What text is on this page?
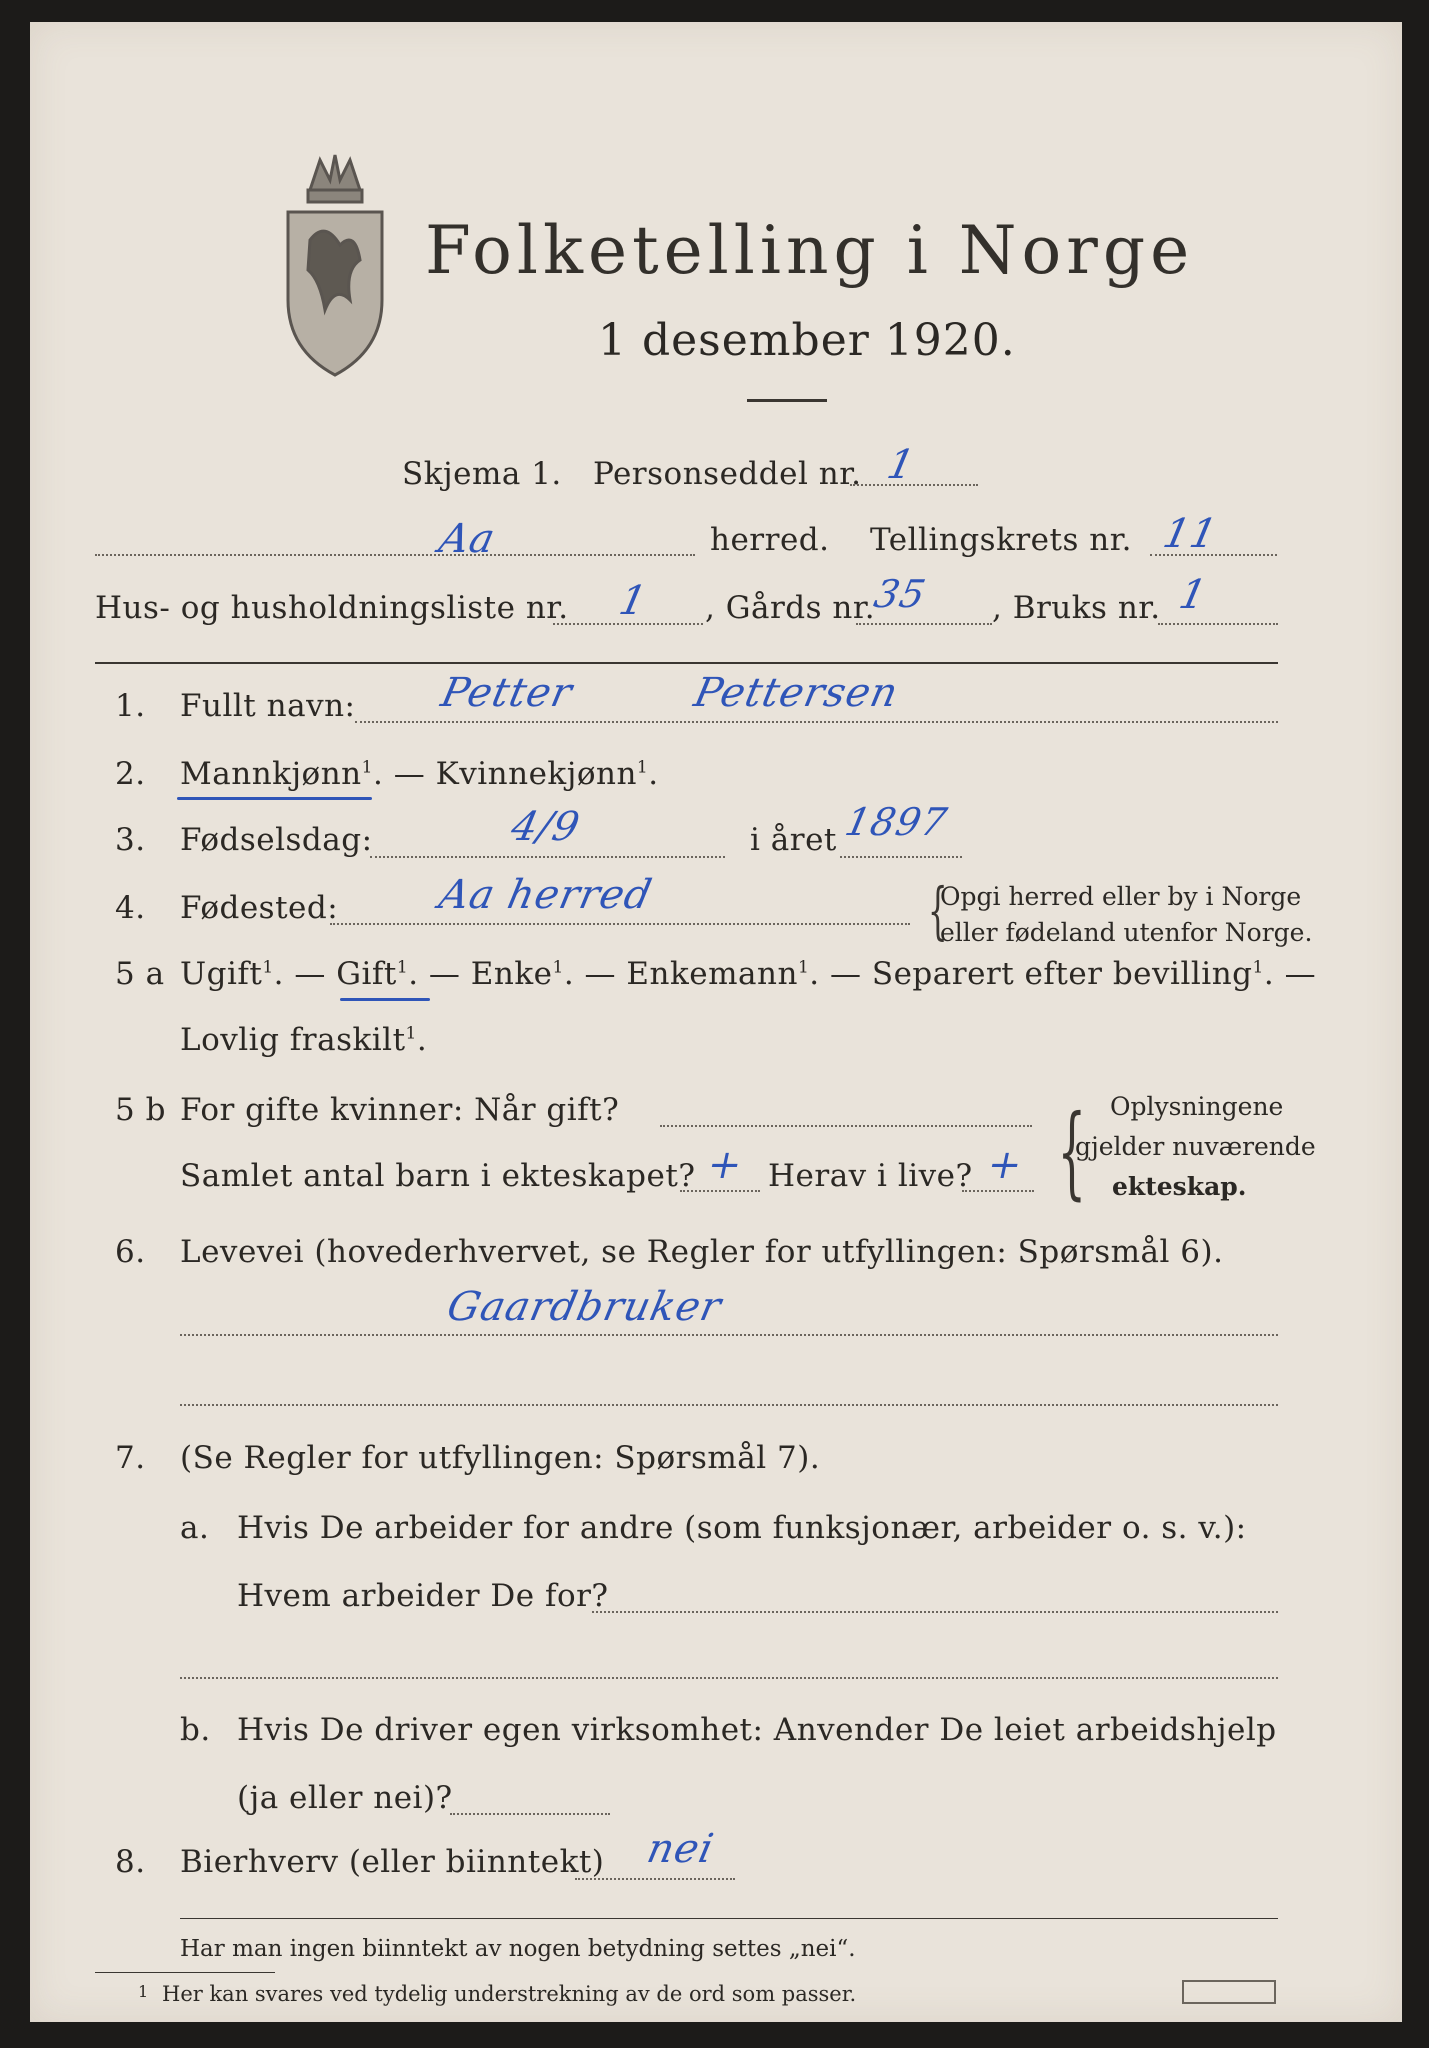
Folketelling i Norge
1 desember 1920.
Skjema 1. Personseddel nr. 1
Aa	herred. Tellingskrets nr. 11
Hus- og husholdningsliste nr. 1 , Gårds nr.
35 , Bruks nr. 1
1. Fullt navn: Petter	Pettersen
2. Mannkjønn$^1$. — Kvinnekjønn$^1$.
3. Fødselsdag:	4/9	i året 1897
4. Fødested: Aa herred	{
Opgi herred eller by i Norge
eller fødeland utenfor Norge.
5 a Ugift$^1$. — Gift$^1$. — Enke$^1$. — Enkemann$^1$. — Separert efter bevilling$^1$. —
Lovlig fraskilt$^1$.
5 b For gifte kvinner: Når gift?
Samlet antal barn i ekteskapet? + Herav i live? + { Oplysningene
gjelder nuværende
ekteskap.
6. Levevei (hovederhvervet, se Regler for utfyllingen: Spørsmål 6).
Gaardbruker
7. (Se Regler for utfyllingen: Spørsmål 7).
a. Hvis De arbeider for andre (som funksjonær, arbeider o. s. v.):
Hvem arbeider De for?
b. Hvis De driver egen virksomhet: Anvender De leiet arbeidshjelp
(ja eller nei)?
8. Bierhverv (eller biinntekt) nei
Har man ingen biinntekt av nogen betydning settes „nei“.
1 Her kan svares ved tydelig understrekning av de ord som passer.
